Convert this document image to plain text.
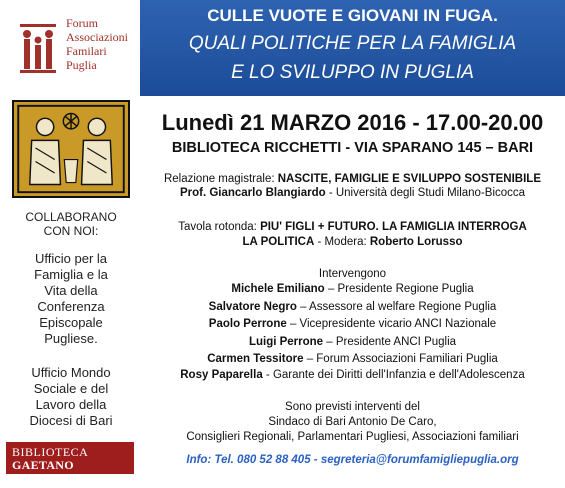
Forum
Associazioni
Familari
Puglia
COLLABORANO
CON NOI:
Ufficio per la
Famiglia e la
Vita della
Conferenza
Episcopale
Pugliese.
Ufficio Mondo
Sociale e del
Lavoro della
Diocesi di Bari
BIBLIOTECA
GAETANO RICCHETTI
CULLE VUOTE E GIOVANI IN FUGA.
QUALI POLITICHE PER LA FAMIGLIA
E LO SVILUPPO IN PUGLIA
Lunedì 21 MARZO 2016 - 17.00-20.00
BIBLIOTECA RICCHETTI - VIA SPARANO 145 – BARI
Relazione magistrale: NASCITE, FAMIGLIE E SVILUPPO SOSTENIBILE
Prof. Giancarlo Blangiardo - Università degli Studi Milano-Bicocca
Tavola rotonda: PIU' FIGLI + FUTURO. LA FAMIGLIA INTERROGA
LA POLITICA - Modera: Roberto Lorusso
Intervengono
Michele Emiliano – Presidente Regione Puglia
Salvatore Negro – Assessore al welfare Regione Puglia
Paolo Perrone – Vicepresidente vicario ANCI Nazionale
Luigi Perrone – Presidente ANCI Puglia
Carmen Tessitore – Forum Associazioni Familiari Puglia
Rosy Paparella - Garante dei Diritti dell'Infanzia e dell'Adolescenza
Sono previsti interventi del
Sindaco di Bari Antonio De Caro,
Consiglieri Regionali, Parlamentari Pugliesi, Associazioni familiari
Info: Tel. 080 52 88 405 - segreteria@forumfamigliepuglia.org
